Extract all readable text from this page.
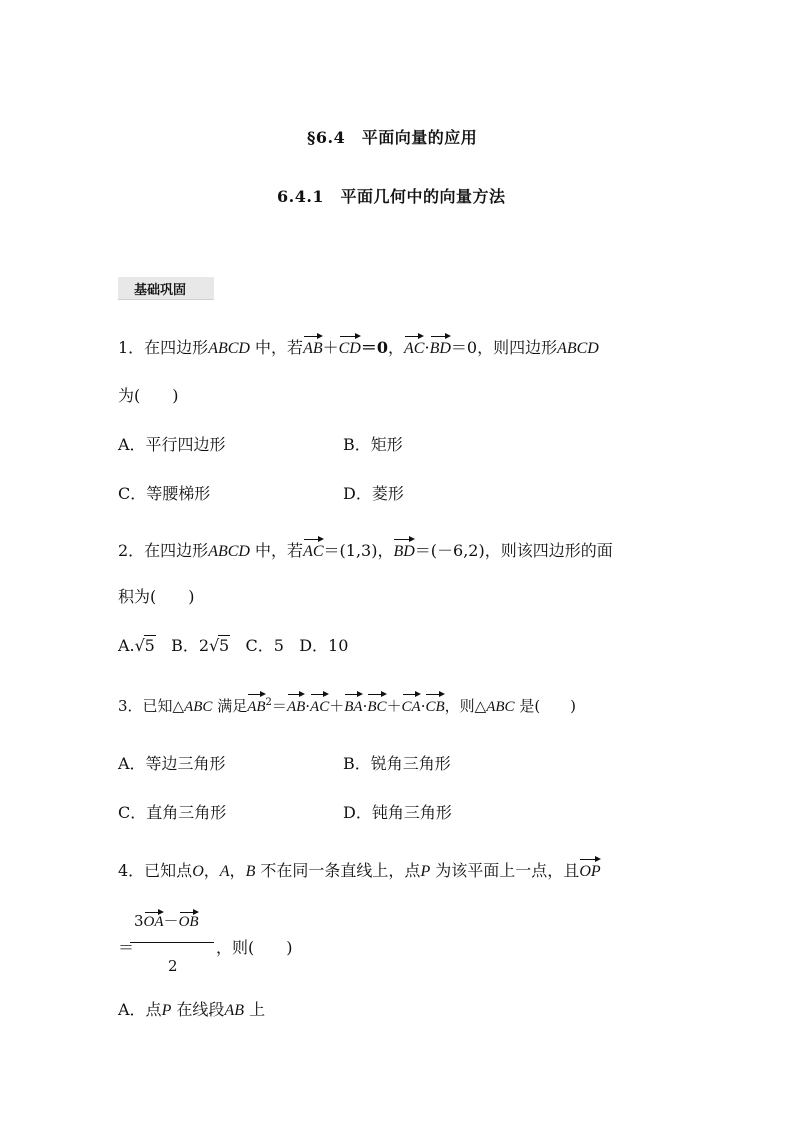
§6.4　平面向量的应用
6.4.1　平面几何中的向量方法
基础巩固
1．在四边形ABCD 中，若AB＋CD＝0，AC·BD＝0，则四边形ABCD
为(　　)
A．平行四边形	B．矩形
C．等腰梯形	D．菱形
2．在四边形ABCD 中，若AC＝(1,3)，BD＝(－6,2)，则该四边形的面
积为(　　)
A. √ 5 B．2 √ 5 C．5 D．10
3．已知△ABC 满足$AB^2=AB\cdot AC+BA\cdot BC+CA\cdot CB$，则△ABC 是(　　)
A．等边三角形	B．锐角三角形
C．直角三角形	D．钝角三角形
4．已知点O，A，B 不在同一条直线上，点P 为该平面上一点，且OP
3OA－OB
＝
2
，则(　　)
A．点P 在线段AB 上
